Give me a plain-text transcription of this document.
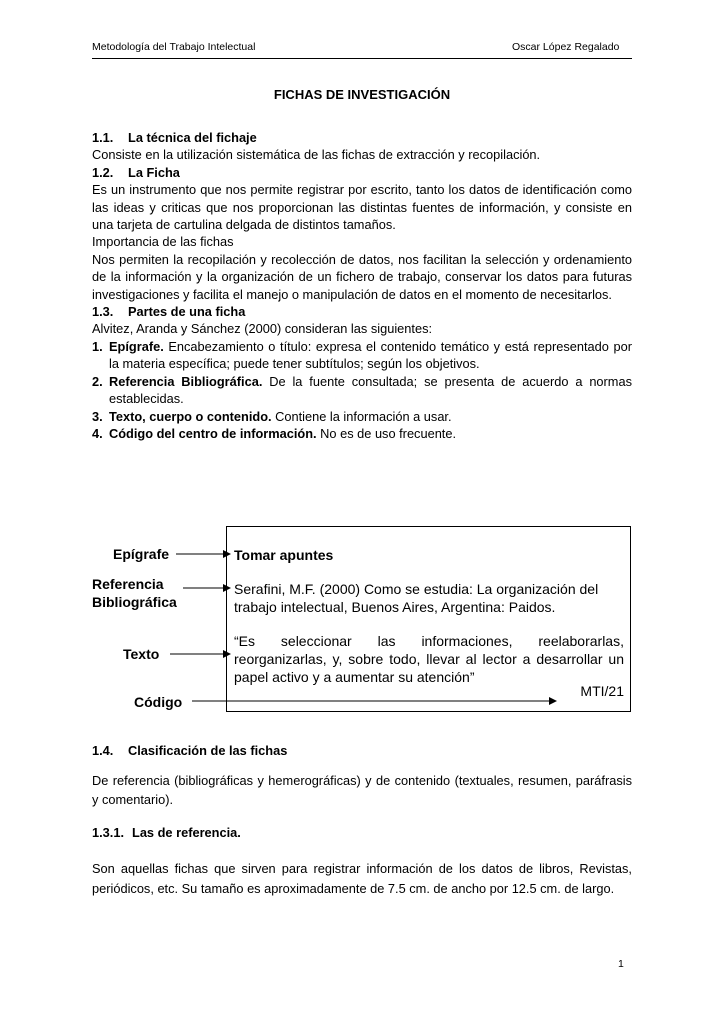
Metodología del Trabajo Intelectual	Oscar López Regalado
FICHAS DE INVESTIGACIÓN

1.1. La técnica del fichaje

Consiste en la utilización sistemática de las fichas de extracción y recopilación.

1.2. La Ficha

Es un instrumento que nos permite registrar por escrito, tanto los datos de identificación como las ideas y criticas que nos proporcionan las distintas fuentes de información, y consiste en una tarjeta de cartulina delgada de distintos tamaños.

Importancia de las fichas

Nos permiten la recopilación y recolección de datos, nos facilitan la selección y ordenamiento de la información y la organización de un fichero de trabajo, conservar los datos para futuras investigaciones y facilita el manejo o manipulación de datos en el momento de necesitarlos.

1.3. Partes de una ficha

Alvitez, Aranda y Sánchez (2000) consideran las siguientes:

1. Epígrafe. Encabezamiento o título: expresa el contenido temático y está representado por la materia específica; puede tener subtítulos; según los objetivos.
2. Referencia Bibliográfica. De la fuente consultada; se presenta de acuerdo a normas establecidas.
3. Texto, cuerpo o contenido. Contiene la información a usar.
4. Código del centro de información. No es de uso frecuente.
Epígrafe
Referencia
Bibliográfica
Texto
Código
Tomar apuntes
Serafini, M.F. (2000) Como se estudia: La organización del trabajo intelectual, Buenos Aires, Argentina: Paidos.
“Es seleccionar las informaciones, reelaborarlas, reorganizarlas, y, sobre todo, llevar al lector a desarrollar un papel activo y a aumentar su atención”
MTI/21
1.4. Clasificación de las fichas
De referencia (bibliográficas y hemerográficas) y de contenido (textuales, resumen, paráfrasis y comentario).
1.3.1. Las de referencia.
Son aquellas fichas que sirven para registrar información de los datos de libros, Revistas, periódicos, etc. Su tamaño es aproximadamente de 7.5 cm. de ancho por 12.5 cm. de largo.
1
